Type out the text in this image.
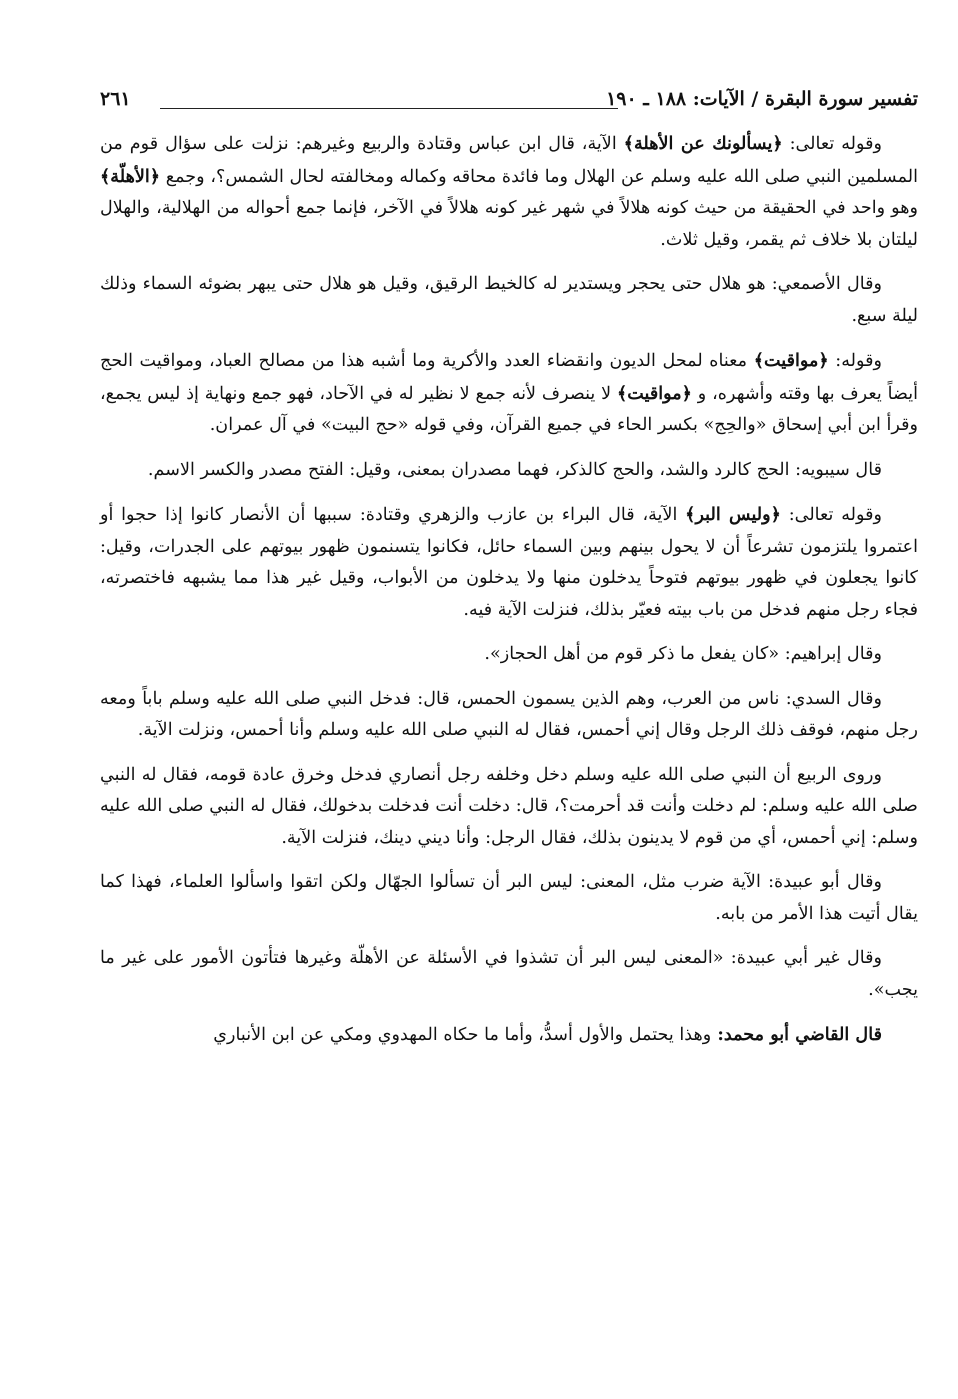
تفسير سورة البقرة / الآيات: ١٨٨ ـ ١٩٠
٢٦١

وقوله تعالى: ﴿يسألونك عن الأهلة﴾ الآية، قال ابن عباس وقتادة والربيع وغيرهم: نزلت على سؤال قوم من المسلمين النبي صلى الله عليه وسلم عن الهلال وما فائدة محاقه وكماله ومخالفته لحال الشمس؟، وجمع ﴿الأهلّة﴾ وهو واحد في الحقيقة من حيث كونه هلالاً في شهر غير كونه هلالاً في الآخر، فإنما جمع أحواله من الهلالية، والهلال ليلتان بلا خلاف ثم يقمر، وقيل ثلاث.

وقال الأصمعي: هو هلال حتى يحجر ويستدير له كالخيط الرقيق، وقيل هو هلال حتى يبهر بضوئه السماء وذلك ليلة سبع.

وقوله: ﴿مواقيت﴾ معناه لمحل الديون وانقضاء العدد والأكرية وما أشبه هذا من مصالح العباد، ومواقيت الحج أيضاً يعرف بها وقته وأشهره، و ﴿مواقيت﴾ لا ينصرف لأنه جمع لا نظير له في الآحاد، فهو جمع ونهاية إذ ليس يجمع، وقرأ ابن أبي إسحاق «والحِج» بكسر الحاء في جميع القرآن، وفي قوله «حج البيت» في آل عمران.

قال سيبويه: الحج كالرد والشد، والحج كالذكر، فهما مصدران بمعنى، وقيل: الفتح مصدر والكسر الاسم.

وقوله تعالى: ﴿وليس البر﴾ الآية، قال البراء بن عازب والزهري وقتادة: سببها أن الأنصار كانوا إذا حجوا أو اعتمروا يلتزمون تشرعاً أن لا يحول بينهم وبين السماء حائل، فكانوا يتسنمون ظهور بيوتهم على الجدرات، وقيل: كانوا يجعلون في ظهور بيوتهم فتوحاً يدخلون منها ولا يدخلون من الأبواب، وقيل غير هذا مما يشبهه فاختصرته، فجاء رجل منهم فدخل من باب بيته فعيّر بذلك، فنزلت الآية فيه.

وقال إبراهيم: «كان يفعل ما ذكر قوم من أهل الحجاز».

وقال السدي: ناس من العرب، وهم الذين يسمون الحمس، قال: فدخل النبي صلى الله عليه وسلم باباً ومعه رجل منهم، فوقف ذلك الرجل وقال إني أحمس، فقال له النبي صلى الله عليه وسلم وأنا أحمس، ونزلت الآية.

وروى الربيع أن النبي صلى الله عليه وسلم دخل وخلفه رجل أنصاري فدخل وخرق عادة قومه، فقال له النبي صلى الله عليه وسلم: لم دخلت وأنت قد أحرمت؟، قال: دخلت أنت فدخلت بدخولك، فقال له النبي صلى الله عليه وسلم: إني أحمس، أي من قوم لا يدينون بذلك، فقال الرجل: وأنا ديني دينك، فنزلت الآية.

وقال أبو عبيدة: الآية ضرب مثل، المعنى: ليس البر أن تسألوا الجهّال ولكن اتقوا واسألوا العلماء، فهذا كما يقال أتيت هذا الأمر من بابه.

وقال غير أبي عبيدة: «المعنى ليس البر أن تشذوا في الأسئلة عن الأهلّة وغيرها فتأتون الأمور على غير ما يجب».

قال القاضي أبو محمد: وهذا يحتمل والأول أسدُّ، وأما ما حكاه المهدوي ومكي عن ابن الأنباري
